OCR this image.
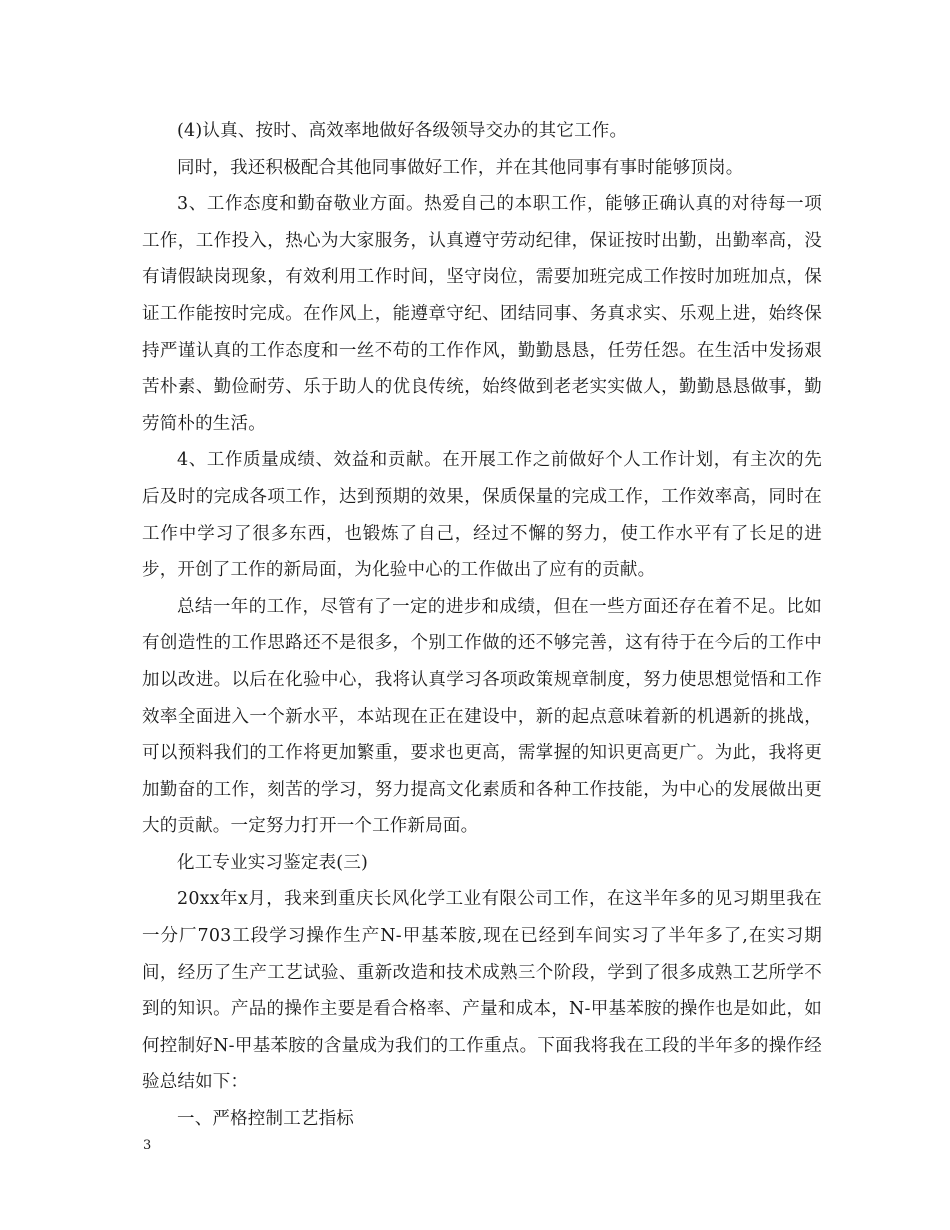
(4)认真、按时、高效率地做好各级领导交办的其它工作。

同时，我还积极配合其他同事做好工作，并在其他同事有事时能够顶岗。

3、工作态度和勤奋敬业方面。热爱自己的本职工作，能够正确认真的对待每一项工作，工作投入，热心为大家服务，认真遵守劳动纪律，保证按时出勤，出勤率高，没有请假缺岗现象，有效利用工作时间，坚守岗位，需要加班完成工作按时加班加点，保证工作能按时完成。在作风上，能遵章守纪、团结同事、务真求实、乐观上进，始终保持严谨认真的工作态度和一丝不苟的工作作风，勤勤恳恳，任劳任怨。在生活中发扬艰苦朴素、勤俭耐劳、乐于助人的优良传统，始终做到老老实实做人，勤勤恳恳做事，勤劳简朴的生活。

4、工作质量成绩、效益和贡献。在开展工作之前做好个人工作计划，有主次的先后及时的完成各项工作，达到预期的效果，保质保量的完成工作，工作效率高，同时在工作中学习了很多东西，也锻炼了自己，经过不懈的努力，使工作水平有了长足的进步，开创了工作的新局面，为化验中心的工作做出了应有的贡献。

总结一年的工作，尽管有了一定的进步和成绩，但在一些方面还存在着不足。比如有创造性的工作思路还不是很多，个别工作做的还不够完善，这有待于在今后的工作中加以改进。以后在化验中心，我将认真学习各项政策规章制度，努力使思想觉悟和工作效率全面进入一个新水平，本站现在正在建设中，新的起点意味着新的机遇新的挑战，可以预料我们的工作将更加繁重，要求也更高，需掌握的知识更高更广。为此，我将更加勤奋的工作，刻苦的学习，努力提高文化素质和各种工作技能，为中心的发展做出更大的贡献。一定努力打开一个工作新局面。

化工专业实习鉴定表(三)

20xx年x月，我来到重庆长风化学工业有限公司工作，在这半年多的见习期里我在一分厂703工段学习操作生产N-甲基苯胺,现在已经到车间实习了半年多了,在实习期间，经历了生产工艺试验、重新改造和技术成熟三个阶段，学到了很多成熟工艺所学不到的知识。产品的操作主要是看合格率、产量和成本，N-甲基苯胺的操作也是如此，如何控制好N-甲基苯胺的含量成为我们的工作重点。下面我将我在工段的半年多的操作经验总结如下：

一、严格控制工艺指标

3
